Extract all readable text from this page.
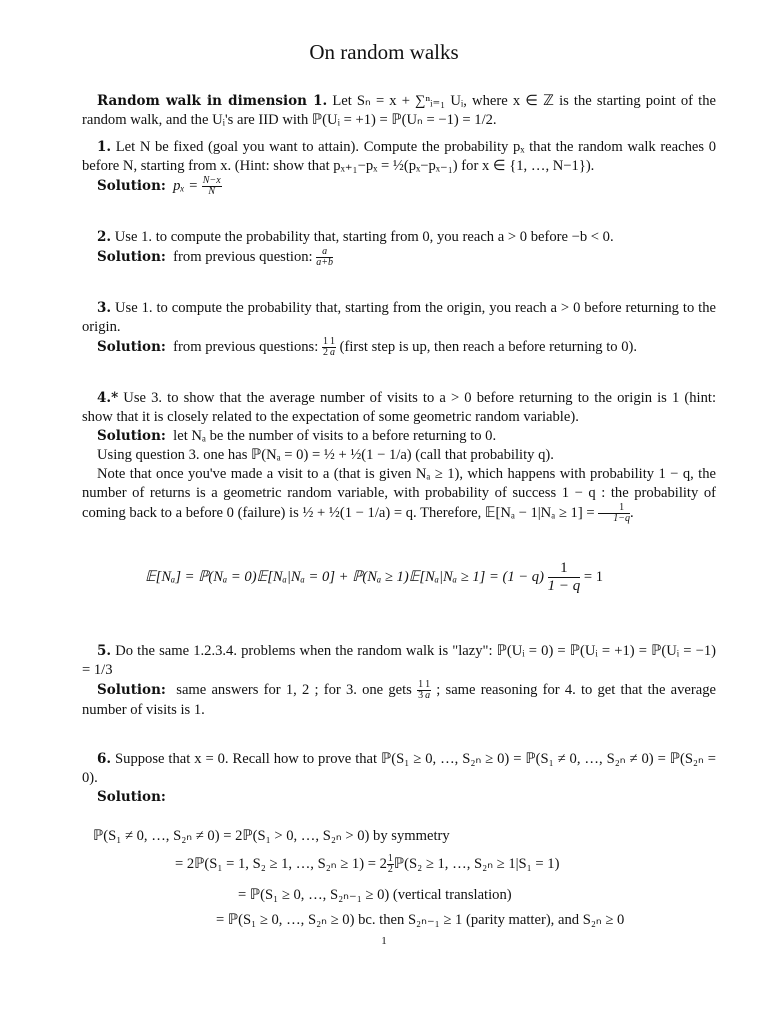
On random walks

Random walk in dimension 1. Let Sₙ = x + ∑ⁿᵢ₌₁ Uᵢ, where x ∈ ℤ is the starting point of the random walk, and the Uᵢ's are IID with ℙ(Uᵢ = +1) = ℙ(Uₙ = −1) = 1/2.

1. Let N be fixed (goal you want to attain). Compute the probability pₓ that the random walk reaches 0 before N, starting from x. (Hint: show that pₓ₊₁−pₓ = ½(pₓ−pₓ₋₁) for x ∈ {1, …, N−1}).

Solution: $p_x = \frac{N-x}{N}$

2. Use 1. to compute the probability that, starting from 0, you reach a > 0 before −b < 0.

Solution: from previous question: $\frac{a}{a+b}$

3. Use 1. to compute the probability that, starting from the origin, you reach a > 0 before returning to the origin.

Solution: from previous questions: $\frac{1}{2} \frac{1}{a}$ (first step is up, then reach a before returning to 0).

4.* Use 3. to show that the average number of visits to a > 0 before returning to the origin is 1 (hint: show that it is closely related to the expectation of some geometric random variable).

Solution: let Nₐ be the number of visits to a before returning to 0.

Using question 3. one has ℙ(Nₐ = 0) = ½ + ½(1 − 1/a) (call that probability q).

Note that once you've made a visit to a (that is given Nₐ ≥ 1), which happens with probability 1 − q, the number of returns is a geometric random variable, with probability of success 1 − q : the probability of coming back to a before 0 (failure) is ½ + ½(1 − 1/a) = q. Therefore, 𝔼[Nₐ − $1|N_a \ge 1] = \frac{1}{1-q}$ .

𝔼[Nₐ] = ℙ(Nₐ = 0)𝔼[Nₐ|Nₐ = 0] + ℙ(Nₐ ≥ 1)𝔼[Nₐ|Nₐ ≥ $1] = (1 - q) \frac{1}{1 - q} = 1$

5. Do the same 1.2.3.4. problems when the random walk is "lazy": ℙ(Uᵢ = 0) = ℙ(Uᵢ = +1) = ℙ(Uᵢ = −1) = 1/3

Solution: same answers for 1, 2 ; for 3. one gets $\frac{1}{3} \frac{1}{a}$ ; same reasoning for 4. to get that the average number of visits is 1.

6. Suppose that x = 0. Recall how to prove that ℙ(S₁ ≥ 0, …, S₂ₙ ≥ 0) = ℙ(S₁ ≠ 0, …, S₂ₙ ≠ 0) = ℙ(S₂ₙ = 0).

Solution:

ℙ(S₁ ≠ 0, …, S₂ₙ ≠ 0) = 2ℙ(S₁ > 0, …, S₂ₙ > 0) by symmetry
= 2ℙ(S₁ = 1, S₂ ≥ 1, …, $S_{2n} \ge 1) = 2 \frac{1}{2}$ ℙ(S₂ ≥ 1, …, S₂ₙ ≥ 1|S₁ = 1)
= ℙ(S₁ ≥ 0, …, S₂ₙ₋₁ ≥ 0) (vertical translation)
= ℙ(S₁ ≥ 0, …, S₂ₙ ≥ 0) bc. then S₂ₙ₋₁ ≥ 1 (parity matter), and S₂ₙ ≥ 0
1
